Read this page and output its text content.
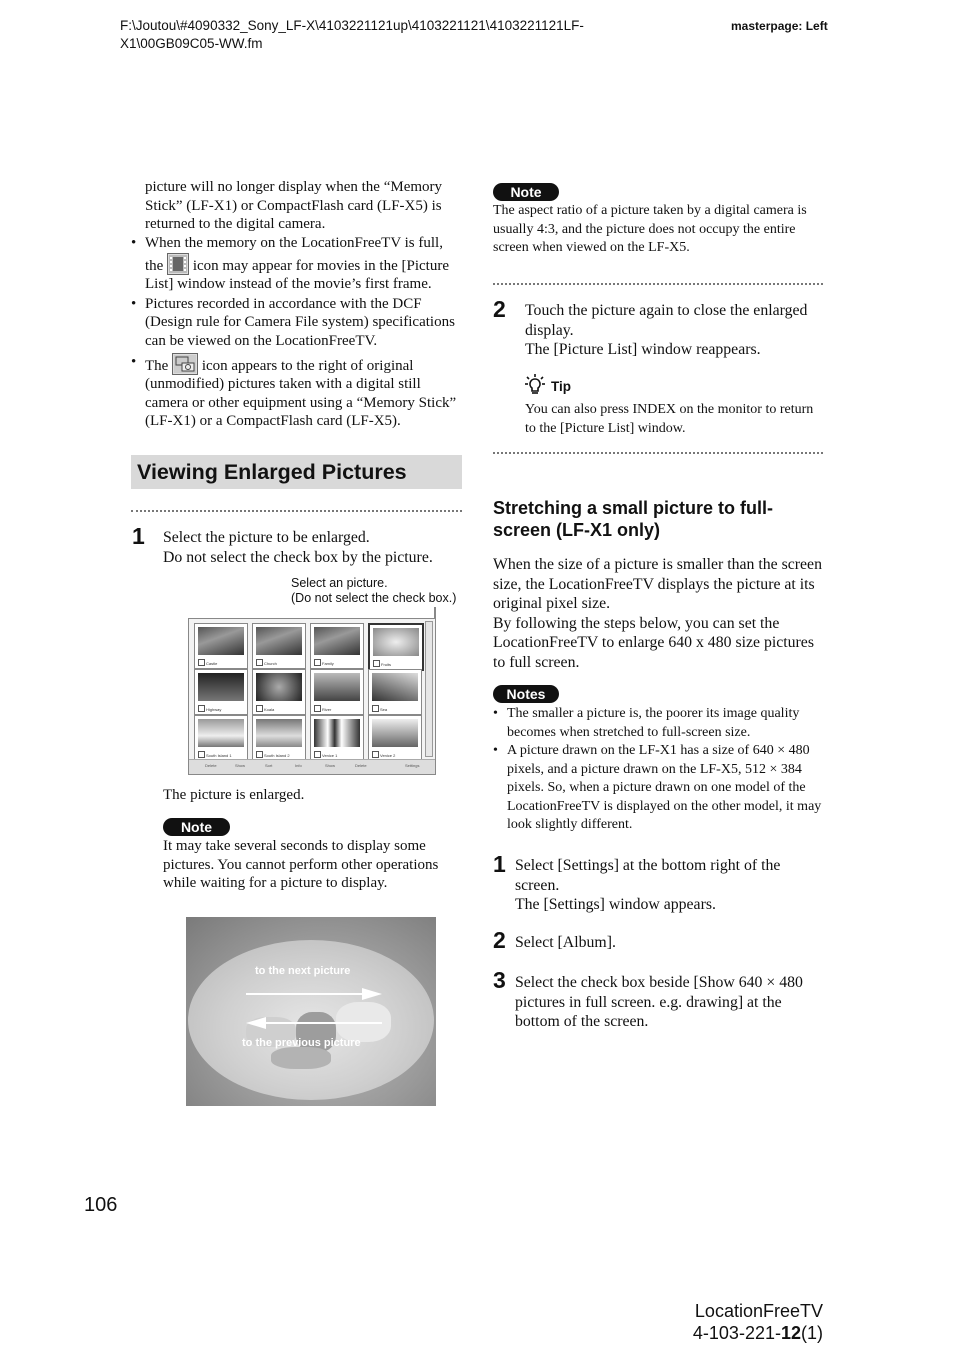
F:\Joutou\#4090332_Sony_LF-X\4103221121up\4103221121\4103221121LF-
X1\00GB09C05-WW.fm
masterpage: Left
picture will no longer display when the “Memory Stick” (LF-X1) or CompactFlash card (LF-X5) is returned to the digital camera.
• When the memory on the LocationFreeTV is full, the  icon may appear for movies in the [Picture List] window instead of the movie’s first frame.
• Pictures recorded in accordance with the DCF (Design rule for Camera File system) specifications can be viewed on the LocationFreeTV.
• The  icon appears to the right of original (unmodified) pictures taken with a digital still camera or other equipment using a “Memory Stick” (LF-X1) or a CompactFlash card (LF-X5).
Viewing Enlarged Pictures
1 Select the picture to be enlarged.
Do not select the check box by the picture.
Select an picture.
(Do not select the check box.)
Castle	Church	Family	Fruits
Highway	Koala	River	Sea
South Island 1	South Island 2	Venice 1	Venice 2
Delete	Show	Sort	Info	Show	Delete	Settings
The picture is enlarged.
Note
It may take several seconds to display some pictures. You cannot perform other operations while waiting for a picture to display.
to the next picture
to the previous picture
Note
The aspect ratio of a picture taken by a digital camera is usually 4:3, and the picture does not occupy the entire screen when viewed on the LF-X5.
2 Touch the picture again to close the enlarged display.
The [Picture List] window reappears.
Tip
You can also press INDEX on the monitor to return to the [Picture List] window.
Stretching a small picture to full-screen (LF-X1 only)
When the size of a picture is smaller than the screen size, the LocationFreeTV displays the picture at its original pixel size.
By following the steps below, you can set the LocationFreeTV to enlarge 640 x 480 size pictures to full screen.
Notes
• The smaller a picture is, the poorer its image quality becomes when stretched to full-screen size.
• A picture drawn on the LF-X1 has a size of 640 × 480 pixels, and a picture drawn on the LF-X5, 512 × 384 pixels. So, when a picture drawn on one model of the LocationFreeTV is displayed on the other model, it may look slightly different.
1 Select [Settings] at the bottom right of the screen.
The [Settings] window appears.
2 Select [Album].
3 Select the check box beside [Show 640 × 480 pictures in full screen. e.g. drawing] at the bottom of the screen.
106
LocationFreeTV
4-103-221-12(1)
